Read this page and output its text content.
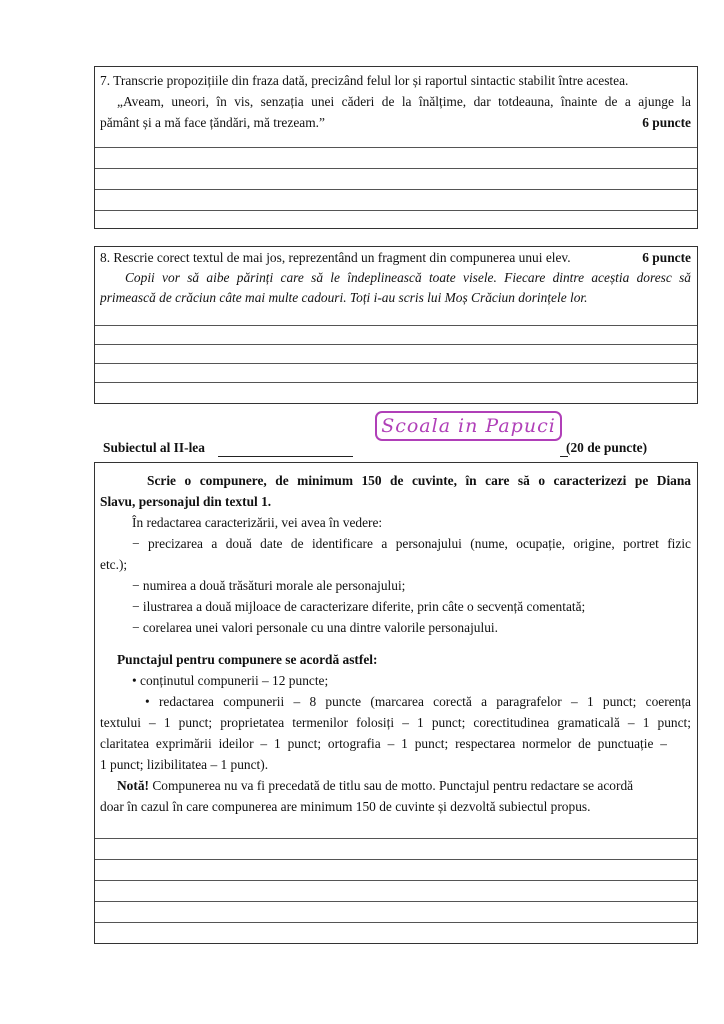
7. Transcrie propozițiile din fraza dată, precizând felul lor și raportul sintactic stabilit între acestea.
„Aveam, uneori, în vis, senzația unei căderi de la înălțime, dar totdeauna, înainte de a ajunge la
pământ și a mă face țăndări, mă trezeam.”	6 puncte
8. Rescrie corect textul de mai jos, reprezentând un fragment din compunerea unui elev.	6 puncte
Copii vor să aibe părinți care să le îndeplinească toate visele. Fiecare dintre aceștia doresc să
primească de crăciun câte mai multe cadouri. Toți i-au scris lui Moș Crăciun dorințele lor.
Subiectul al II-lea	(20 de puncte)
Scoala in Papuci
Scrie o compunere, de minimum 150 de cuvinte, în care să o caracterizezi pe Diana
Slavu, personajul din textul 1.
În redactarea caracterizării, vei avea în vedere:
− precizarea a două date de identificare a personajului (nume, ocupație, origine, portret fizic
etc.);
− numirea a două trăsături morale ale personajului;
− ilustrarea a două mijloace de caracterizare diferite, prin câte o secvență comentată;
− corelarea unei valori personale cu una dintre valorile personajului.
Punctajul pentru compunere se acordă astfel:
• conținutul compunerii – 12 puncte;
• redactarea compunerii – 8 puncte (marcarea corectă a paragrafelor – 1 punct; coerența
textului – 1 punct; proprietatea termenilor folosiți – 1 punct; corectitudinea gramaticală – 1 punct;
claritatea exprimării ideilor – 1 punct; ortografia – 1 punct; respectarea normelor de punctuație –
1 punct; lizibilitatea – 1 punct).
Notă! Compunerea nu va fi precedată de titlu sau de motto. Punctajul pentru redactare se acordă
doar în cazul în care compunerea are minimum 150 de cuvinte și dezvoltă subiectul propus.
